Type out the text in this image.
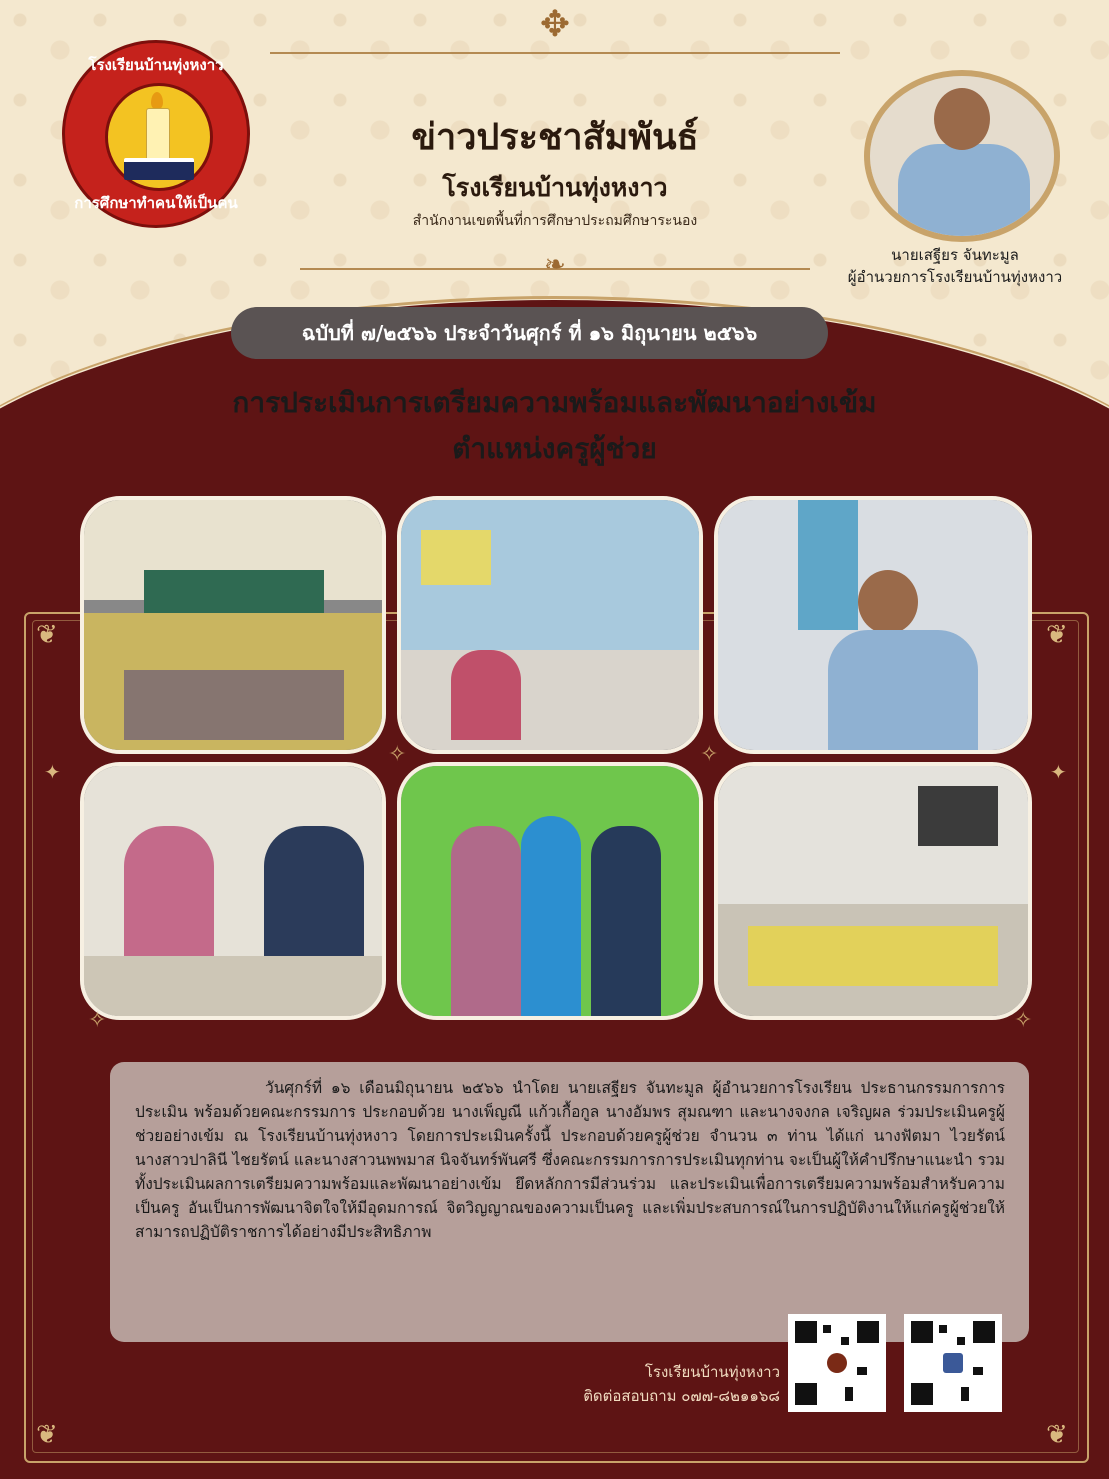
❦	❦
❦	❦
✦	✦
✥
❧
โรงเรียนบ้านทุ่งหงาว
การศึกษาทำคนให้เป็นคน
ข่าวประชาสัมพันธ์
โรงเรียนบ้านทุ่งหงาว
สำนักงานเขตพื้นที่การศึกษาประถมศึกษาระนอง
นายเสฐียร จันทะมูล
ผู้อำนวยการโรงเรียนบ้านทุ่งหงาว
ฉบับที่ ๗/๒๕๖๖ ประจำวันศุกร์ ที่ ๑๖ มิถุนายน ๒๕๖๖
การประเมินการเตรียมความพร้อมและพัฒนาอย่างเข้ม
ตำแหน่งครูผู้ช่วย
✧	✧
✧	✧
วันศุกร์ที่ ๑๖ เดือนมิถุนายน ๒๕๖๖ นำโดย นายเสฐียร จันทะมูล ผู้อำนวยการโรงเรียน ประธานกรรมการการประเมิน พร้อมด้วยคณะกรรมการ ประกอบด้วย นางเพ็ญณี แก้วเกื้อกูล นางอัมพร สุมณฑา และนางจงกล เจริญผล ร่วมประเมินครูผู้ช่วยอย่างเข้ม ณ โรงเรียนบ้านทุ่งหงาว โดยการประเมินครั้งนี้ ประกอบด้วยครูผู้ช่วย จำนวน ๓ ท่าน ได้แก่ นางฟัตมา ไวยรัตน์ นางสาวปาลินี ไชยรัตน์ และนางสาวนพพมาส นิจจันทร์พันศรี ซึ่งคณะกรรมการการประเมินทุกท่าน จะเป็นผู้ให้คำปรึกษาแนะนำ รวมทั้งประเมินผลการเตรียมความพร้อมและพัฒนาอย่างเข้ม ยึดหลักการมีส่วนร่วม และประเมินเพื่อการเตรียมความพร้อมสำหรับความเป็นครู อันเป็นการพัฒนาจิตใจให้มีอุดมการณ์ จิตวิญญาณของความเป็นครู และเพิ่มประสบการณ์ในการปฏิบัติงานให้แก่ครูผู้ช่วยให้สามารถปฏิบัติราชการได้อย่างมีประสิทธิภาพ
โรงเรียนบ้านทุ่งหงาว
ติดต่อสอบถาม ๐๗๗-๘๒๑๑๖๘
